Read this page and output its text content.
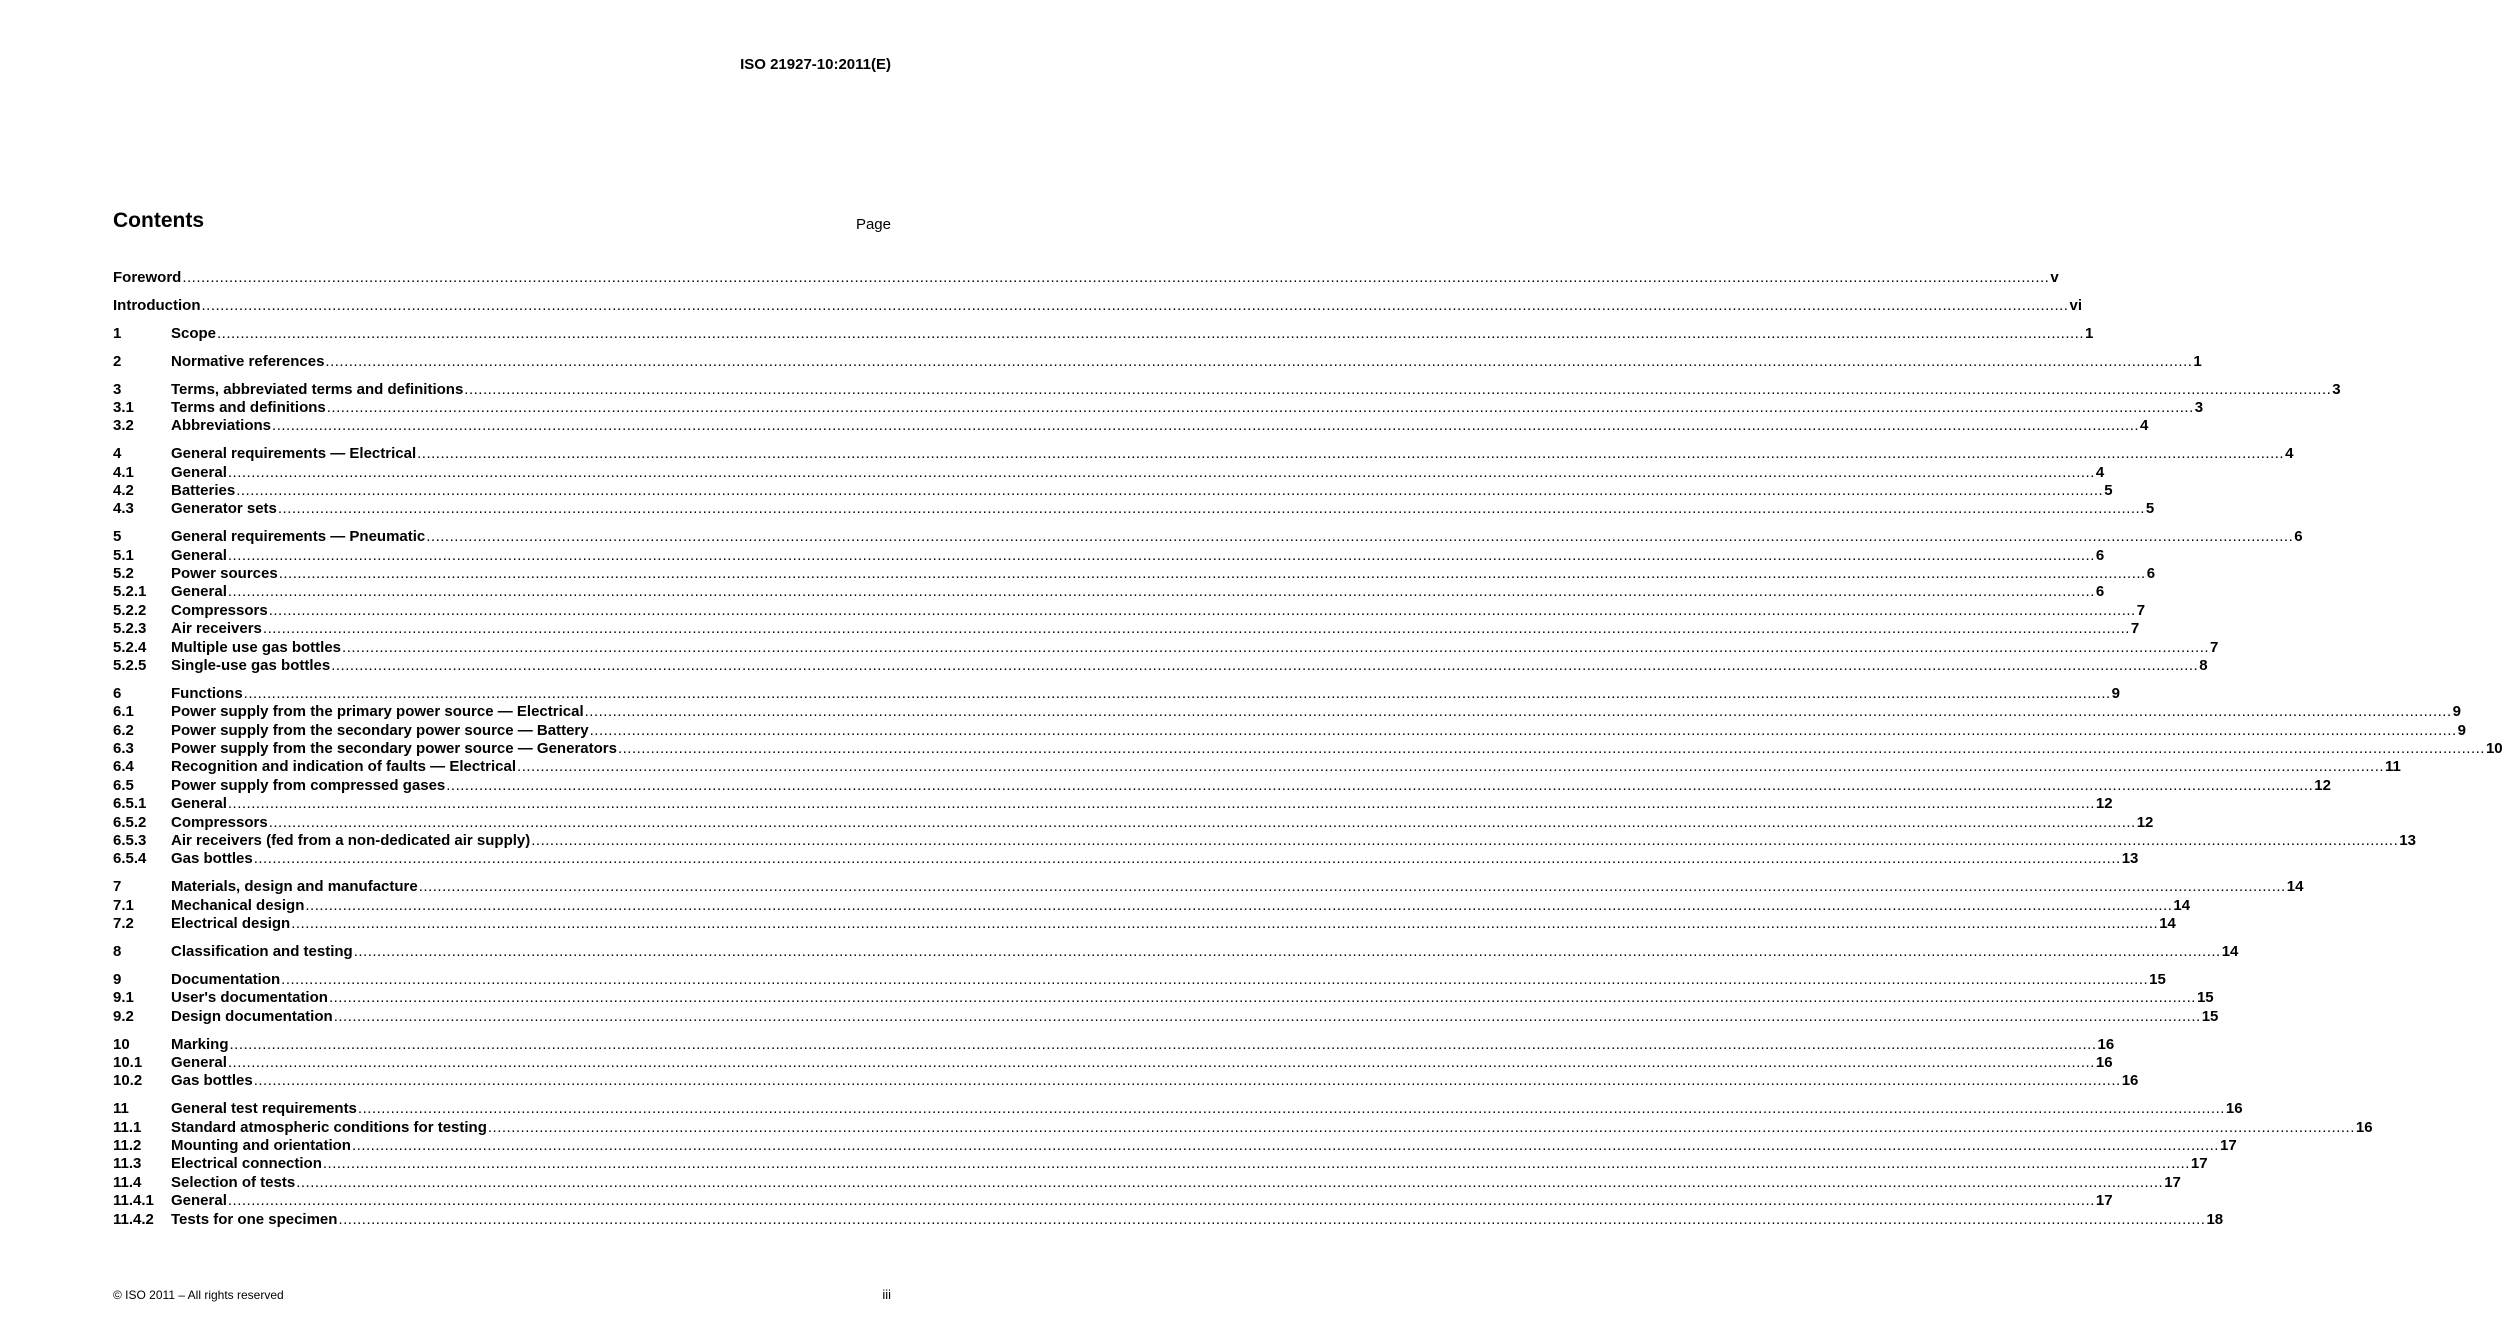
ISO 21927-10:2011(E)
Contents	Page
Foreword ................................................................................................................................................................................................................................................................................................................................................................................................................ v
Introduction ................................................................................................................................................................................................................................................................................................................................................................................................................ vi
1	Scope ................................................................................................................................................................................................................................................................................................................................................................................................................ 1
2	Normative references ................................................................................................................................................................................................................................................................................................................................................................................................................ 1
3	Terms, abbreviated terms and definitions ................................................................................................................................................................................................................................................................................................................................................................................................................ 3
3.1	Terms and definitions ................................................................................................................................................................................................................................................................................................................................................................................................................ 3
3.2	Abbreviations ................................................................................................................................................................................................................................................................................................................................................................................................................ 4
4	General requirements — Electrical ................................................................................................................................................................................................................................................................................................................................................................................................................ 4
4.1	General ................................................................................................................................................................................................................................................................................................................................................................................................................ 4
4.2	Batteries ................................................................................................................................................................................................................................................................................................................................................................................................................ 5
4.3	Generator sets ................................................................................................................................................................................................................................................................................................................................................................................................................ 5
5	General requirements — Pneumatic ................................................................................................................................................................................................................................................................................................................................................................................................................ 6
5.1	General ................................................................................................................................................................................................................................................................................................................................................................................................................ 6
5.2	Power sources ................................................................................................................................................................................................................................................................................................................................................................................................................ 6
5.2.1	General ................................................................................................................................................................................................................................................................................................................................................................................................................ 6
5.2.2	Compressors ................................................................................................................................................................................................................................................................................................................................................................................................................ 7
5.2.3	Air receivers ................................................................................................................................................................................................................................................................................................................................................................................................................ 7
5.2.4	Multiple use gas bottles ................................................................................................................................................................................................................................................................................................................................................................................................................ 7
5.2.5	Single-use gas bottles ................................................................................................................................................................................................................................................................................................................................................................................................................ 8
6	Functions ................................................................................................................................................................................................................................................................................................................................................................................................................ 9
6.1	Power supply from the primary power source — Electrical ................................................................................................................................................................................................................................................................................................................................................................................................................ 9
6.2	Power supply from the secondary power source — Battery ................................................................................................................................................................................................................................................................................................................................................................................................................ 9
6.3	Power supply from the secondary power source — Generators ................................................................................................................................................................................................................................................................................................................................................................................................................ 10
6.4	Recognition and indication of faults — Electrical ................................................................................................................................................................................................................................................................................................................................................................................................................ 11
6.5	Power supply from compressed gases ................................................................................................................................................................................................................................................................................................................................................................................................................ 12
6.5.1	General ................................................................................................................................................................................................................................................................................................................................................................................................................ 12
6.5.2	Compressors ................................................................................................................................................................................................................................................................................................................................................................................................................ 12
6.5.3	Air receivers (fed from a non-dedicated air supply) ................................................................................................................................................................................................................................................................................................................................................................................................................ 13
6.5.4	Gas bottles ................................................................................................................................................................................................................................................................................................................................................................................................................ 13
7	Materials, design and manufacture ................................................................................................................................................................................................................................................................................................................................................................................................................ 14
7.1	Mechanical design ................................................................................................................................................................................................................................................................................................................................................................................................................ 14
7.2	Electrical design ................................................................................................................................................................................................................................................................................................................................................................................................................ 14
8	Classification and testing ................................................................................................................................................................................................................................................................................................................................................................................................................ 14
9	Documentation ................................................................................................................................................................................................................................................................................................................................................................................................................ 15
9.1	User's documentation ................................................................................................................................................................................................................................................................................................................................................................................................................ 15
9.2	Design documentation ................................................................................................................................................................................................................................................................................................................................................................................................................ 15
10	Marking ................................................................................................................................................................................................................................................................................................................................................................................................................ 16
10.1	General ................................................................................................................................................................................................................................................................................................................................................................................................................ 16
10.2	Gas bottles ................................................................................................................................................................................................................................................................................................................................................................................................................ 16
11	General test requirements ................................................................................................................................................................................................................................................................................................................................................................................................................ 16
11.1	Standard atmospheric conditions for testing ................................................................................................................................................................................................................................................................................................................................................................................................................ 16
11.2	Mounting and orientation ................................................................................................................................................................................................................................................................................................................................................................................................................ 17
11.3	Electrical connection ................................................................................................................................................................................................................................................................................................................................................................................................................ 17
11.4	Selection of tests ................................................................................................................................................................................................................................................................................................................................................................................................................ 17
11.4.1	General ................................................................................................................................................................................................................................................................................................................................................................................................................ 17
11.4.2	Tests for one specimen ................................................................................................................................................................................................................................................................................................................................................................................................................ 18
© ISO 2011 – All rights reserved	iii
